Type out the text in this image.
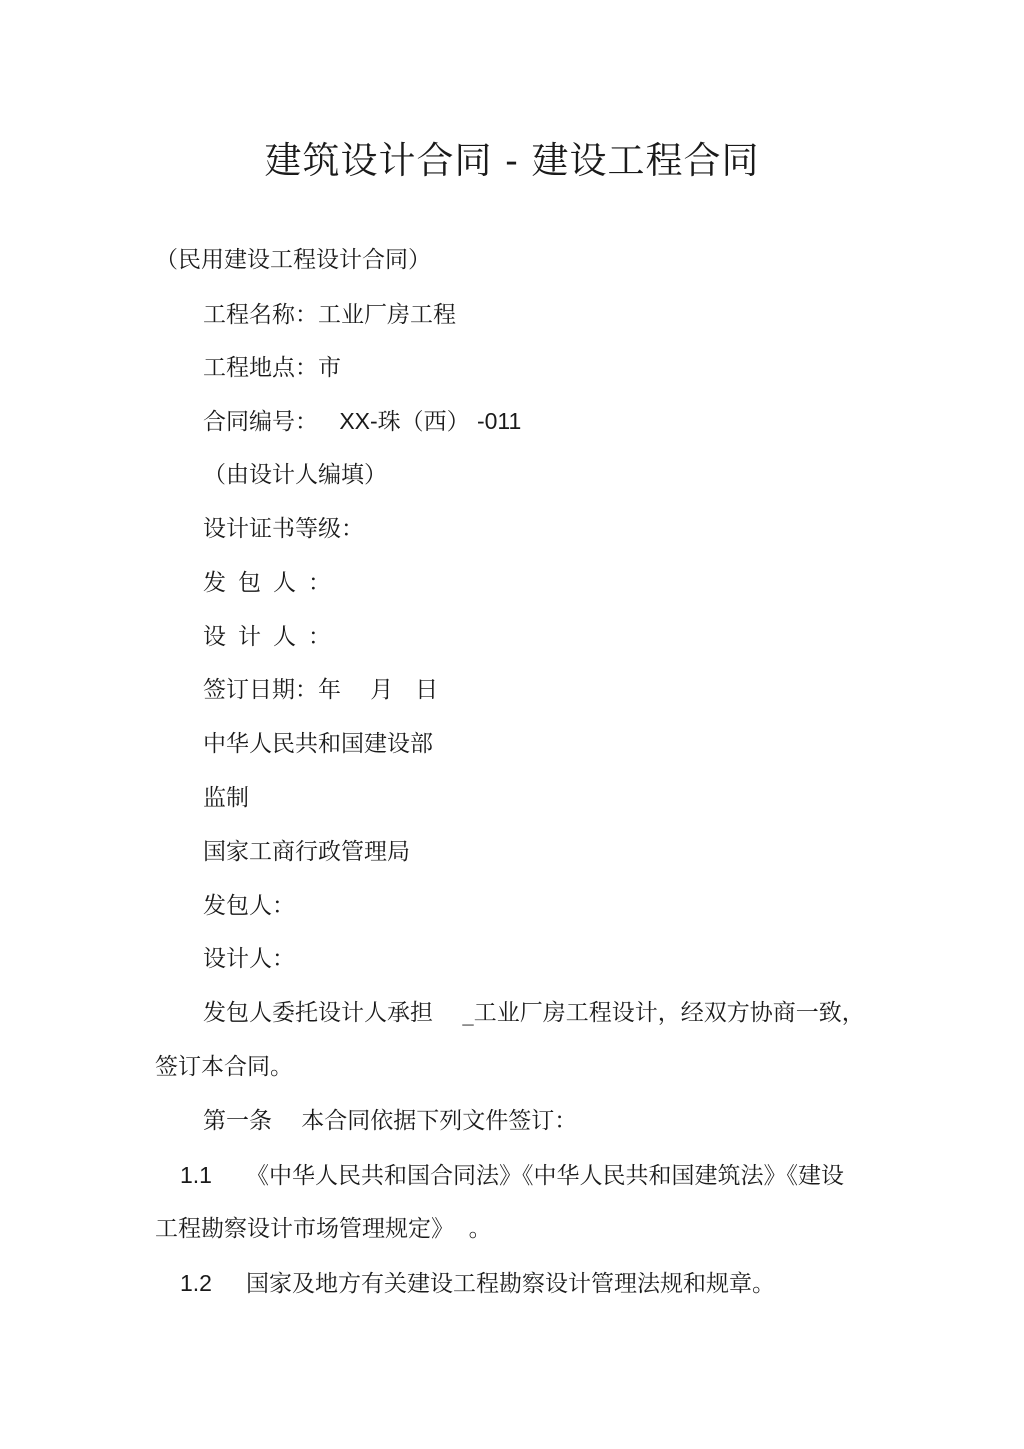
建筑设计合同 - 建设工程合同
（民用建设工程设计合同）
工程名称：工业厂房工程
工程地点：市
合同编号： XX-珠（西） -011
（由设计人编填）
设计证书等级：
发包人：
设计人：
签订日期：年    月   日
中华人民共和国建设部
监制
国家工商行政管理局
发包人：
设计人：
发包人委托设计人承担    _工业厂房工程设计，经双方协商一致，
签订本合同。
第一条    本合同依据下列文件签订：
1.1 《中华人民共和国合同法》《中华人民共和国建筑法》《建设
工程勘察设计市场管理规定》  。
1.2 国家及地方有关建设工程勘察设计管理法规和规章。
